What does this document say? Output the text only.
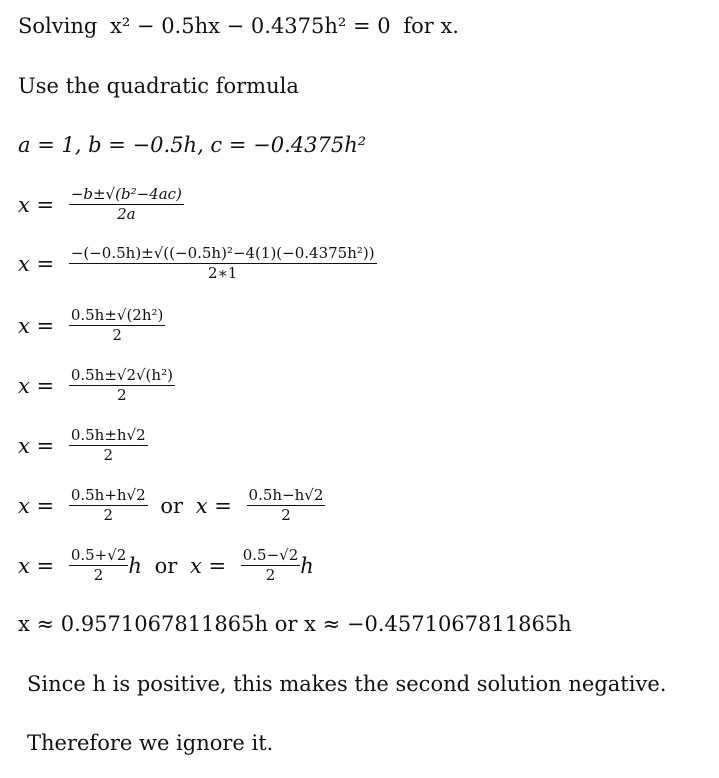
Solving x² − 0.5hx − 0.4375h² = 0 for x.
Use the quadratic formula
a = 1, b = −0.5h, c = −0.4375h²
$x = \frac{\text{−b±√(b²−4ac)}}{2a}$
$x = \frac{\text{−(−0.5h)±√((−0.5h)²−4(1)(−0.4375h²))}}{2∗1}$
$x = \frac{\text{0.5h±√(2h²)}}{2}$
$x = \frac{\text{0.5h±√2√(h²)}}{2}$
$x = \frac{0.5h\pm h√2}{2}$
$x = \frac{0.5h+h√2}{2}$ or $x = \frac{0.5h-h√2}{2}$
$x = \frac{0.5+√2}{2}$ h or $x = \frac{0.5-√2}{2}$ h
x ≈ 0.9571067811865h or x ≈ −0.4571067811865h
Since h is positive, this makes the second solution negative.
Therefore we ignore it.
